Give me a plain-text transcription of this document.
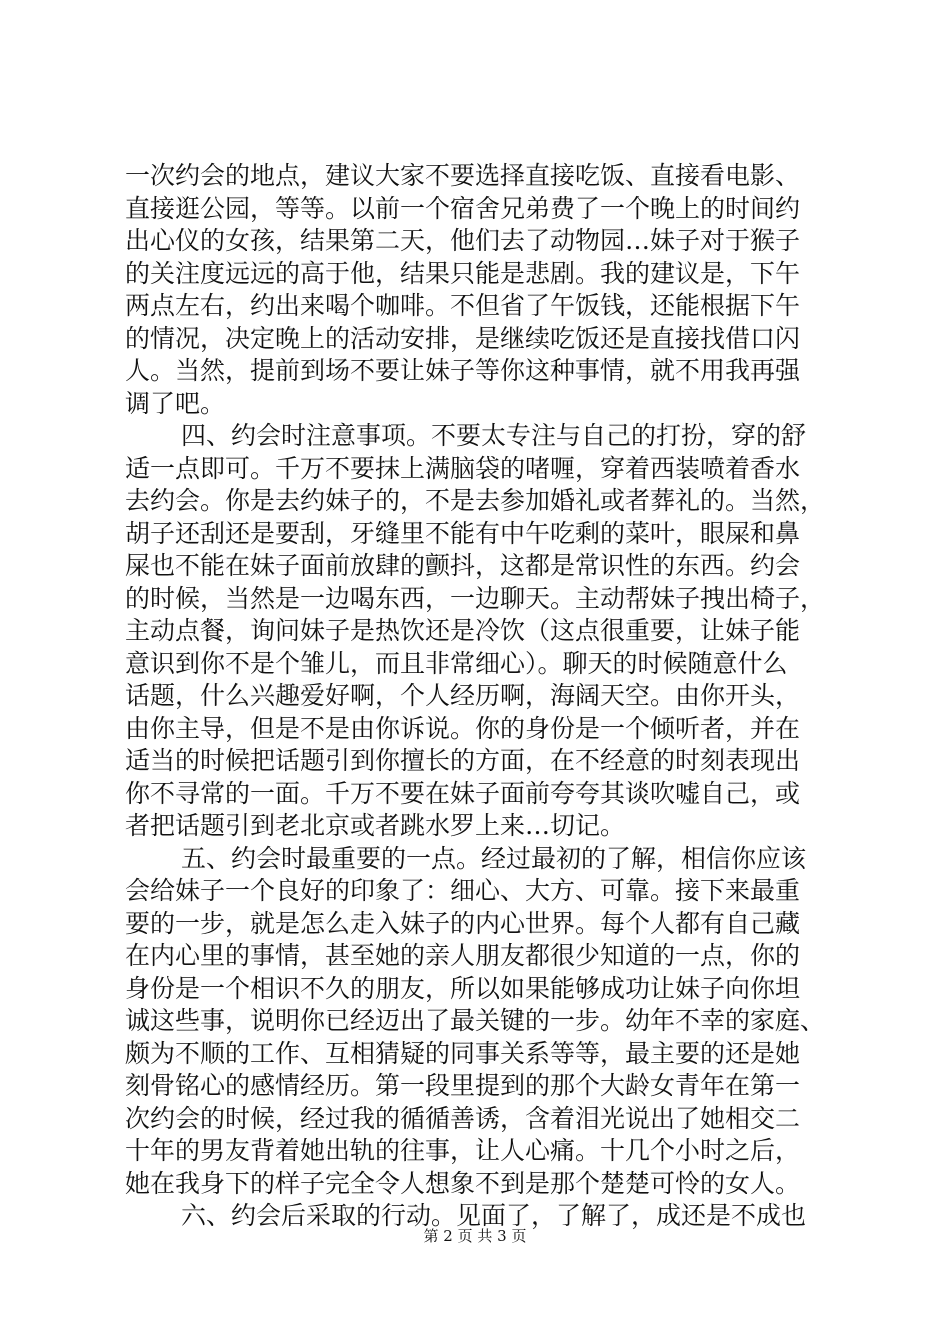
一次约会的地点，建议大家不要选择直接吃饭、直接看电影、
直接逛公园，等等。以前一个宿舍兄弟费了一个晚上的时间约
出心仪的女孩，结果第二天，他们去了动物园…妹子对于猴子
的关注度远远的高于他，结果只能是悲剧。我的建议是，下午
两点左右，约出来喝个咖啡。不但省了午饭钱，还能根据下午
的情况，决定晚上的活动安排，是继续吃饭还是直接找借口闪
人。当然，提前到场不要让妹子等你这种事情，就不用我再强
调了吧。
四、约会时注意事项。不要太专注与自己的打扮，穿的舒
适一点即可。千万不要抹上满脑袋的啫喱，穿着西装喷着香水
去约会。你是去约妹子的，不是去参加婚礼或者葬礼的。当然，
胡子还刮还是要刮，牙缝里不能有中午吃剩的菜叶，眼屎和鼻
屎也不能在妹子面前放肆的颤抖，这都是常识性的东西。约会
的时候，当然是一边喝东西，一边聊天。主动帮妹子拽出椅子，
主动点餐，询问妹子是热饮还是冷饮（这点很重要，让妹子能
意识到你不是个雏儿，而且非常细心）。聊天的时候随意什么
话题，什么兴趣爱好啊，个人经历啊，海阔天空。由你开头，
由你主导，但是不是由你诉说。你的身份是一个倾听者，并在
适当的时候把话题引到你擅长的方面，在不经意的时刻表现出
你不寻常的一面。千万不要在妹子面前夸夸其谈吹嘘自己，或
者把话题引到老北京或者跳水罗上来…切记。
五、约会时最重要的一点。经过最初的了解，相信你应该
会给妹子一个良好的印象了：细心、大方、可靠。接下来最重
要的一步，就是怎么走入妹子的内心世界。每个人都有自己藏
在内心里的事情，甚至她的亲人朋友都很少知道的一点，你的
身份是一个相识不久的朋友，所以如果能够成功让妹子向你坦
诚这些事，说明你已经迈出了最关键的一步。幼年不幸的家庭、
颇为不顺的工作、互相猜疑的同事关系等等，最主要的还是她
刻骨铭心的感情经历。第一段里提到的那个大龄女青年在第一
次约会的时候，经过我的循循善诱，含着泪光说出了她相交二
十年的男友背着她出轨的往事，让人心痛。十几个小时之后，
她在我身下的样子完全令人想象不到是那个楚楚可怜的女人。
六、约会后采取的行动。见面了，了解了，成还是不成也
第 2 页 共 3 页
